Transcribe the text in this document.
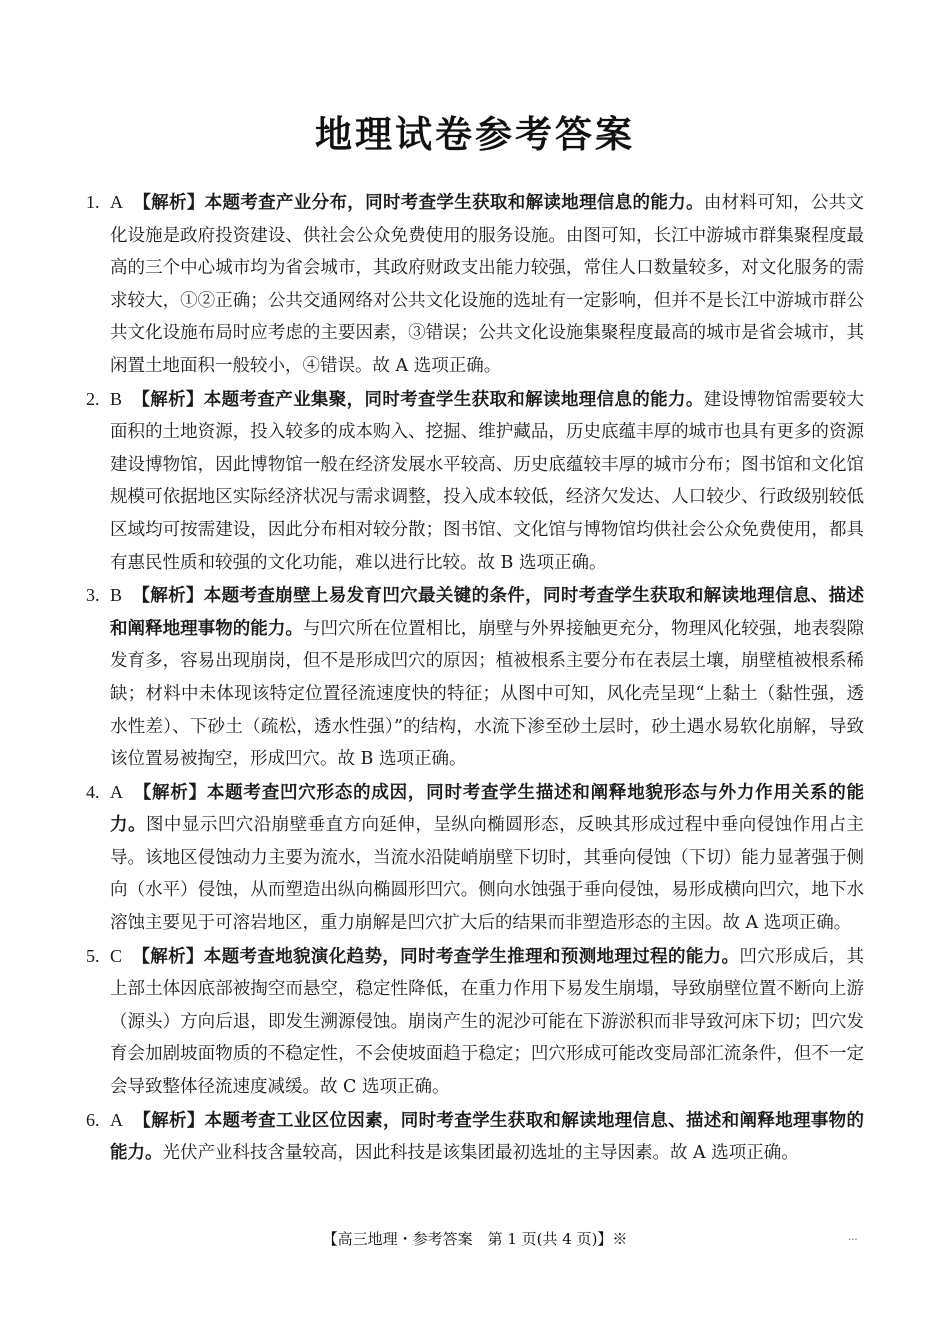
地理试卷参考答案
1. A 【解析】本题考查产业分布，同时考查学生获取和解读地理信息的能力。由材料可知，公共文化设施是政府投资建设、供社会公众免费使用的服务设施。由图可知，长江中游城市群集聚程度最高的三个中心城市均为省会城市，其政府财政支出能力较强，常住人口数量较多，对文化服务的需求较大，①②正确；公共交通网络对公共文化设施的选址有一定影响，但并不是长江中游城市群公共文化设施布局时应考虑的主要因素，③错误；公共文化设施集聚程度最高的城市是省会城市，其闲置土地面积一般较小，④错误。故 A 选项正确。
2. B 【解析】本题考查产业集聚，同时考查学生获取和解读地理信息的能力。建设博物馆需要较大面积的土地资源，投入较多的成本购入、挖掘、维护藏品，历史底蕴丰厚的城市也具有更多的资源建设博物馆，因此博物馆一般在经济发展水平较高、历史底蕴较丰厚的城市分布；图书馆和文化馆规模可依据地区实际经济状况与需求调整，投入成本较低，经济欠发达、人口较少、行政级别较低区域均可按需建设，因此分布相对较分散；图书馆、文化馆与博物馆均供社会公众免费使用，都具有惠民性质和较强的文化功能，难以进行比较。故 B 选项正确。
3. B 【解析】本题考查崩壁上易发育凹穴最关键的条件，同时考查学生获取和解读地理信息、描述和阐释地理事物的能力。与凹穴所在位置相比，崩壁与外界接触更充分，物理风化较强，地表裂隙发育多，容易出现崩岗，但不是形成凹穴的原因；植被根系主要分布在表层土壤，崩壁植被根系稀缺；材料中未体现该特定位置径流速度快的特征；从图中可知，风化壳呈现“上黏土（黏性强，透水性差）、下砂土（疏松，透水性强）”的结构，水流下渗至砂土层时，砂土遇水易软化崩解，导致该位置易被掏空，形成凹穴。故 B 选项正确。
4. A 【解析】本题考查凹穴形态的成因，同时考查学生描述和阐释地貌形态与外力作用关系的能力。图中显示凹穴沿崩壁垂直方向延伸，呈纵向椭圆形态，反映其形成过程中垂向侵蚀作用占主导。该地区侵蚀动力主要为流水，当流水沿陡峭崩壁下切时，其垂向侵蚀（下切）能力显著强于侧向（水平）侵蚀，从而塑造出纵向椭圆形凹穴。侧向水蚀强于垂向侵蚀，易形成横向凹穴，地下水溶蚀主要见于可溶岩地区，重力崩解是凹穴扩大后的结果而非塑造形态的主因。故 A 选项正确。
5. C 【解析】本题考查地貌演化趋势，同时考查学生推理和预测地理过程的能力。凹穴形成后，其上部土体因底部被掏空而悬空，稳定性降低，在重力作用下易发生崩塌，导致崩壁位置不断向上游（源头）方向后退，即发生溯源侵蚀。崩岗产生的泥沙可能在下游淤积而非导致河床下切；凹穴发育会加剧坡面物质的不稳定性，不会使坡面趋于稳定；凹穴形成可能改变局部汇流条件，但不一定会导致整体径流速度减缓。故 C 选项正确。
6. A 【解析】本题考查工业区位因素，同时考查学生获取和解读地理信息、描述和阐释地理事物的能力。光伏产业科技含量较高，因此科技是该集团最初选址的主导因素。故 A 选项正确。
【高三地理・参考答案　第 1 页(共 4 页)】※	...
